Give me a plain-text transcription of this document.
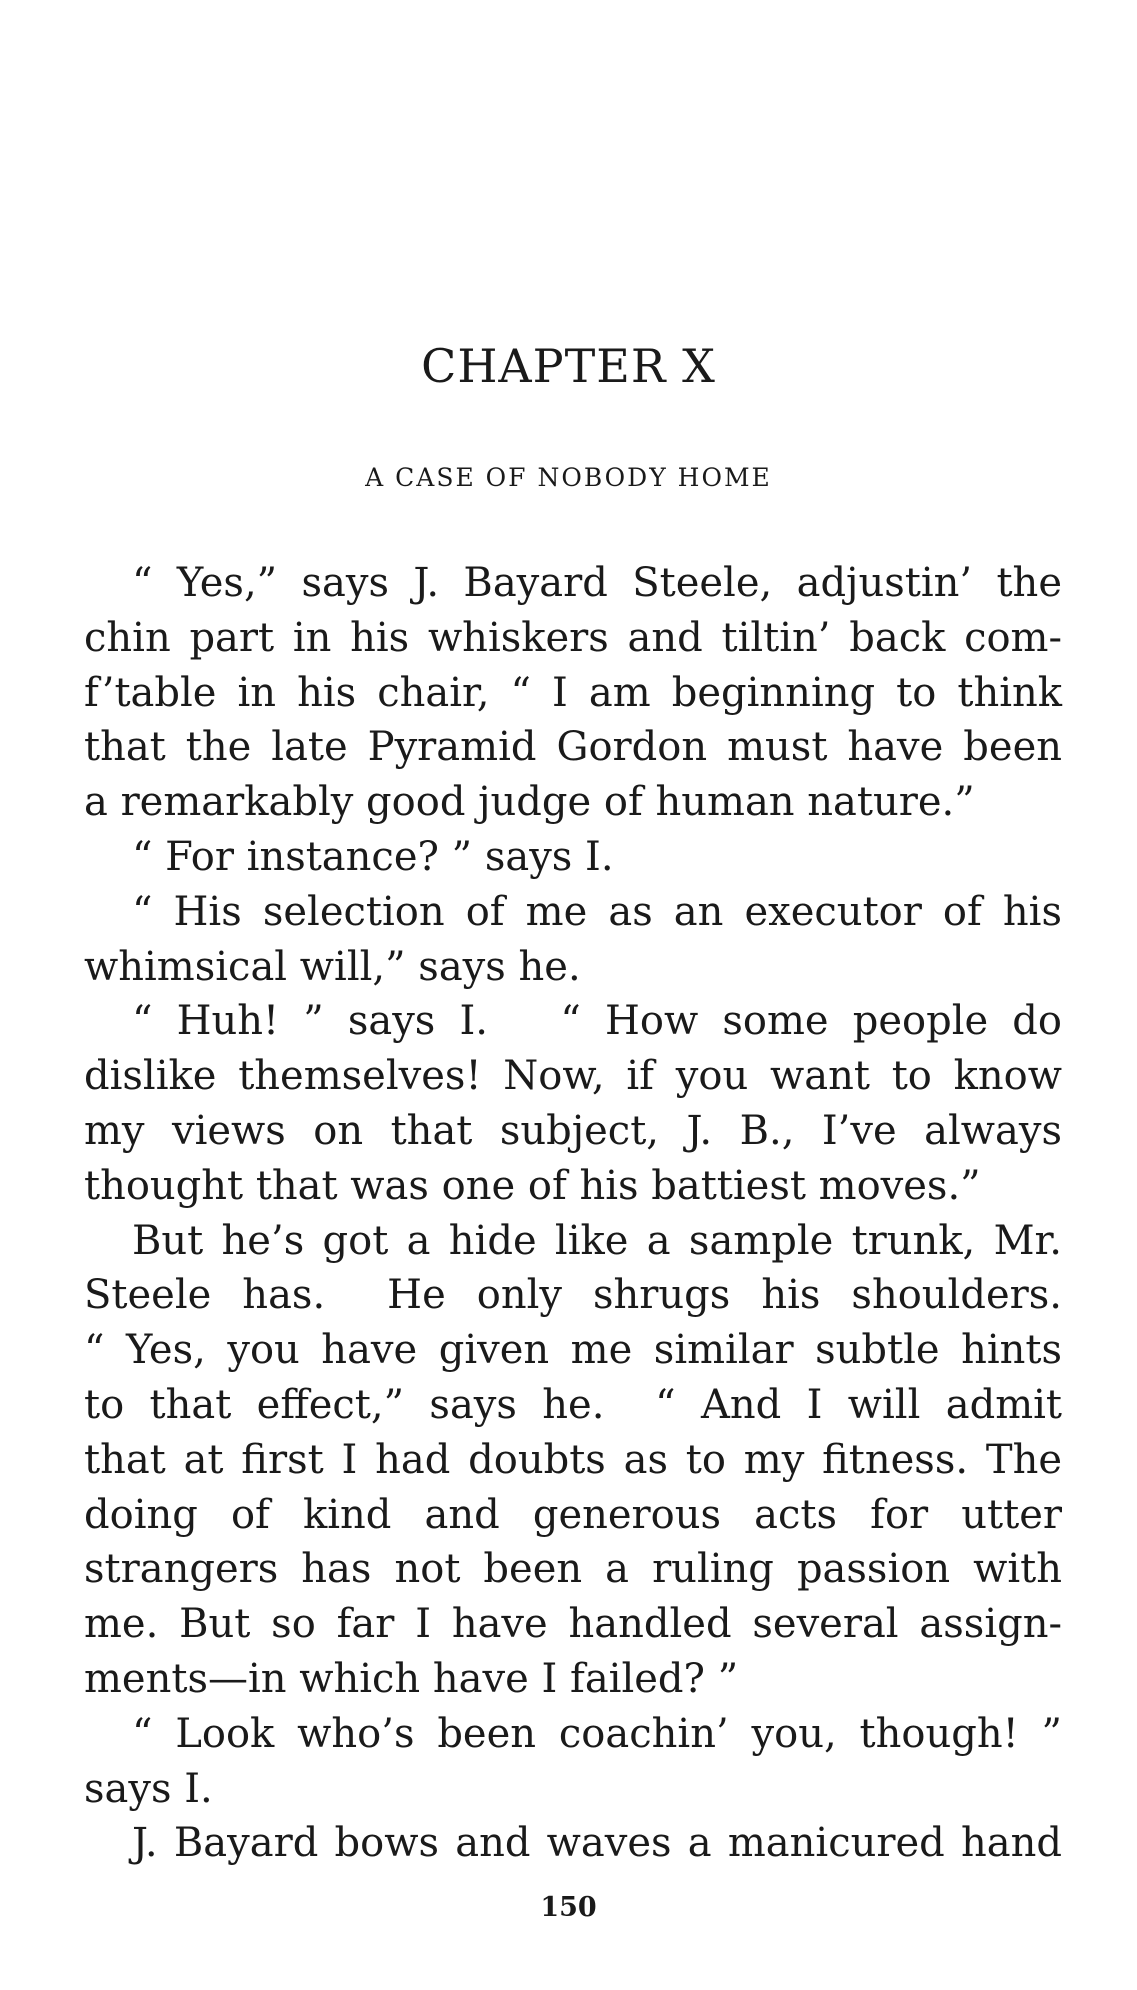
CHAPTER X
A CASE OF NOBODY HOME
“ Yes,” says J. Bayard Steele, adjustin’ the
chin part in his whiskers and tiltin’ back com-
f’table in his chair, “ I am beginning to think
that the late Pyramid Gordon must have been
a remarkably good judge of human nature.”
“ For instance? ” says I.
“ His selection of me as an executor of his
whimsical will,” says he.
“ Huh! ” says I.   “ How some people do
dislike themselves! Now, if you want to know
my views on that subject, J. B., I’ve always
thought that was one of his battiest moves.”
But he’s got a hide like a sample trunk, Mr.
Steele has.  He only shrugs his shoulders.
“ Yes, you have given me similar subtle hints
to that effect,” says he.  “ And I will admit
that at first I had doubts as to my fitness. The
doing of kind and generous acts for utter
strangers has not been a ruling passion with
me. But so far I have handled several assign-
ments—in which have I failed? ”
“ Look who’s been coachin’ you, though! ”
says I.
J. Bayard bows and waves a manicured hand
150
